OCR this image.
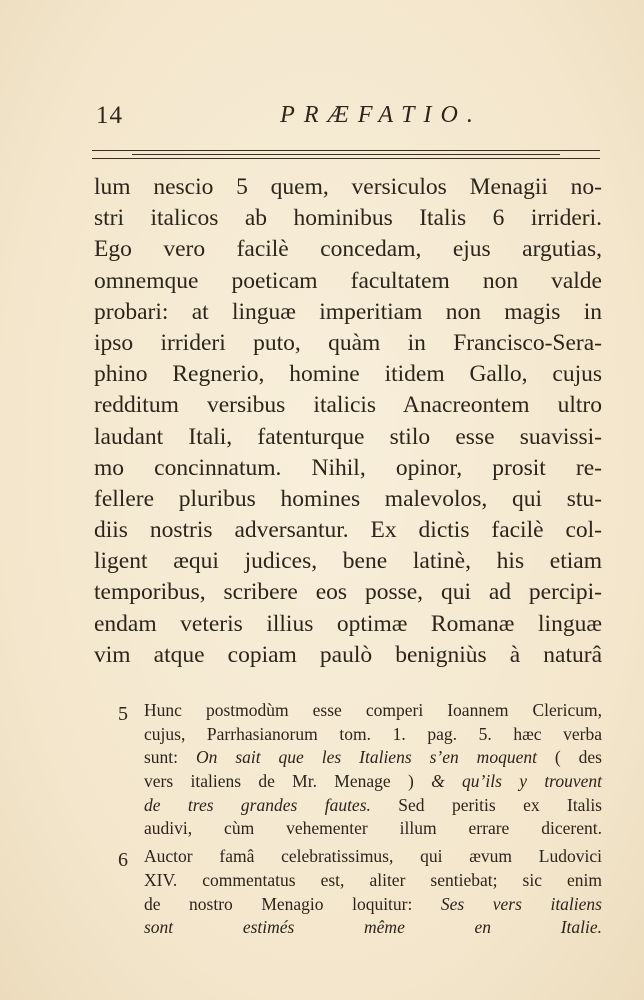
14	PRÆFATIO.
lum nescio 5 quem, versiculos Menagii no-
stri italicos ab hominibus Italis 6 irrideri.
Ego vero facilè concedam, ejus argutias,
omnemque poeticam facultatem non valde
probari: at linguæ imperitiam non magis in
ipso irrideri puto, quàm in Francisco-Sera-
phino Regnerio, homine itidem Gallo, cujus
redditum versibus italicis Anacreontem ultro
laudant Itali, fatenturque stilo esse suavissi-
mo concinnatum. Nihil, opinor, prosit re-
fellere pluribus homines malevolos, qui stu-
diis nostris adversantur. Ex dictis facilè col-
ligent æqui judices, bene latinè, his etiam
temporibus, scribere eos posse, qui ad percipi-
endam veteris illius optimæ Romanæ linguæ
vim atque copiam paulò benigniùs à naturâ
5 Hunc postmodùm esse comperi Ioannem Clericum,
cujus, Parrhasianorum tom. 1. pag. 5. hæc verba
sunt: On sait que les Italiens s’en moquent ( des
vers italiens de Mr. Menage ) & qu’ils y trouvent
de tres grandes fautes. Sed peritis ex Italis
audivi, cùm vehementer illum errare dicerent.
6 Auctor famâ celebratissimus, qui ævum Ludovici
XIV. commentatus est, aliter sentiebat; sic enim
de nostro Menagio loquitur: Ses vers italiens
sont estimés même en Italie.
